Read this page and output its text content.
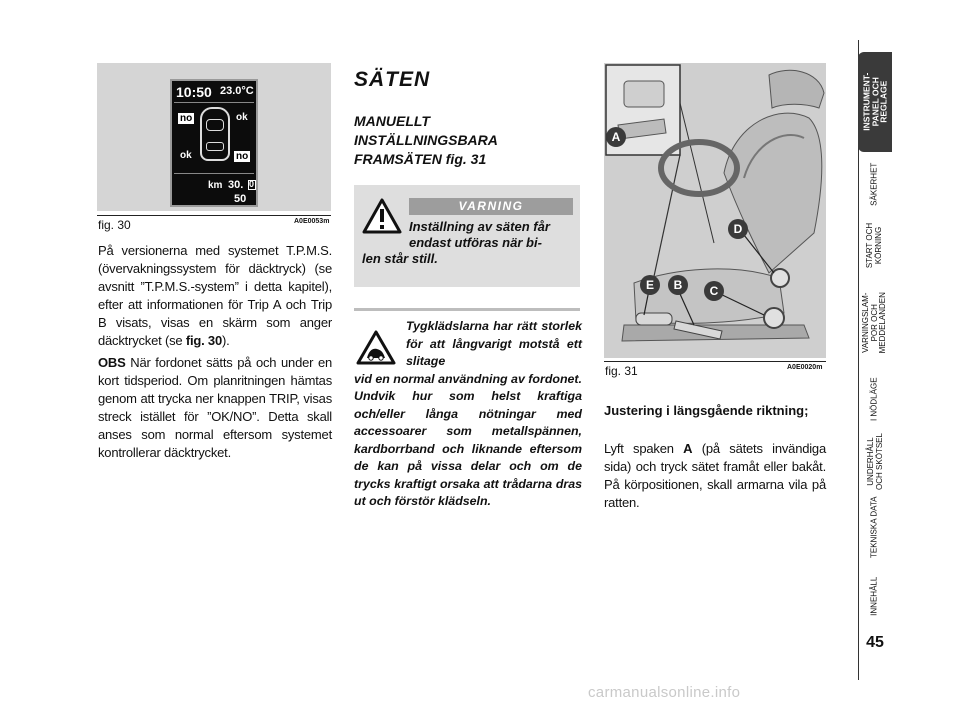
10:50 23.0°C
no	ok
ok	no
km 30. 0
50
fig. 30	A0E0053m

På versionerna med systemet T.P.M.S. (övervakningssystem för däcktryck) (se avsnitt ”T.P.M.S.-system” i detta kapitel), efter att informationen för Trip A och Trip B visats, visas en skärm som anger däcktrycket (se fig. 30).

OBS När fordonet sätts på och under en kort tidsperiod. Om planritningen hämtas genom att trycka ner knappen TRIP, visas streck istället för ”OK/NO”. Detta skall anses som normal eftersom systemet kontrollerar däcktrycket.

SÄTEN
MANUELLT INSTÄLLNINGSBARA FRAMSÄTEN fig. 31
VARNING
Inställning av säten får endast utföras när bi-
len står still.
Tygklädslarna har rätt storlek för att långvarigt motstå ett slitage
vid en normal användning av fordonet. Undvik hur som helst kraftiga och/eller långa nötningar med accessoarer som metallspännen, kardborrband och liknande eftersom de kan på vissa delar och om de trycks kraftigt orsaka att trådarna dras ut och förstör klädseln.
A
D
E	B	C
fig. 31	A0E0020m
Justering i längsgående riktning;

Lyft spaken A (på sätets invändiga sida) och tryck sätet framåt eller bakåt. På körpositionen, skall armarna vila på ratten.

INSTRUMENT-
PANEL OCH
REGLAGE
SÄKERHET
START OCH
KÖRNING
VARNINGSLAM-
POR OCH
MEDDELANDEN
I NÖDLÄGE
UNDERHÅLL
OCH SKÖTSEL
TEKNISKA DATA
INNEHÅLL
45
carmanualsonline.info
